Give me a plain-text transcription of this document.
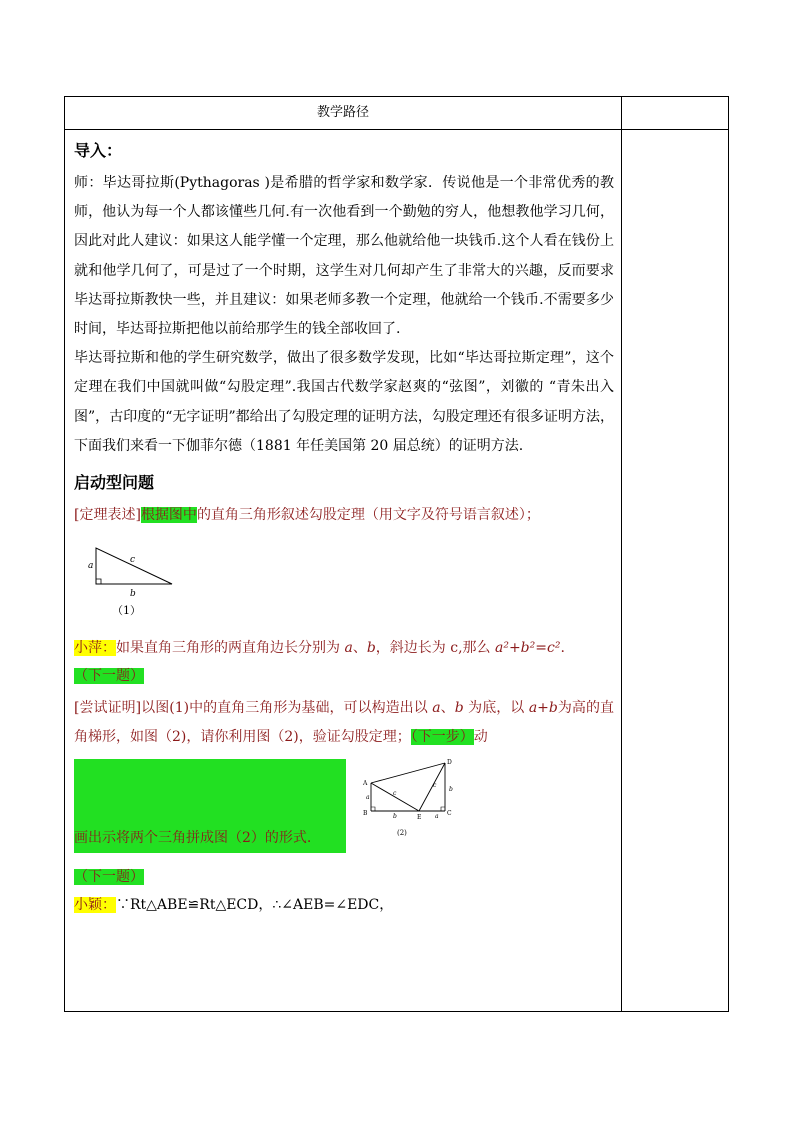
教学路径
导入：
师：毕达哥拉斯(Pythagoras )是希腊的哲学家和数学家．传说他是一个非常优秀的教师，他认为每一个人都该懂些几何.有一次他看到一个勤勉的穷人，他想教他学习几何，因此对此人建议：如果这人能学懂一个定理，那么他就给他一块钱币.这个人看在钱份上就和他学几何了，可是过了一个时期，这学生对几何却产生了非常大的兴趣，反而要求毕达哥拉斯教快一些，并且建议：如果老师多教一个定理，他就给一个钱币.不需要多少时间，毕达哥拉斯把他以前给那学生的钱全部收回了.
毕达哥拉斯和他的学生研究数学，做出了很多数学发现，比如“毕达哥拉斯定理”，这个定理在我们中国就叫做“勾股定理”.我国古代数学家赵爽的“弦图”，刘徽的 “青朱出入图”，古印度的“无字证明”都给出了勾股定理的证明方法，勾股定理还有很多证明方法，下面我们来看一下伽菲尔德（1881 年任美国第 20 届总统）的证明方法.
启动型问题
[定理表述]根据图中的直角三角形叙述勾股定理（用文字及符号语言叙述）；
a
b
c
（1）
小萍：如果直角三角形的两直角边长分别为 a、b，斜边长为 c,那么 a²+b²=c².
（下一题）
[尝试证明]以图(1)中的直角三角形为基础，可以构造出以 a、b 为底，以 a+b为高的直角梯形，如图（2)，请你利用图（2)，验证勾股定理；（下一步）动
画出示将两个三角拼成图（2）的形式.
A
B	C
D
E
a
b
c
a
b
c
(2)
（下一题）
小颖：∵Rt△ABE≌Rt△ECD，∴∠AEB=∠EDC，
